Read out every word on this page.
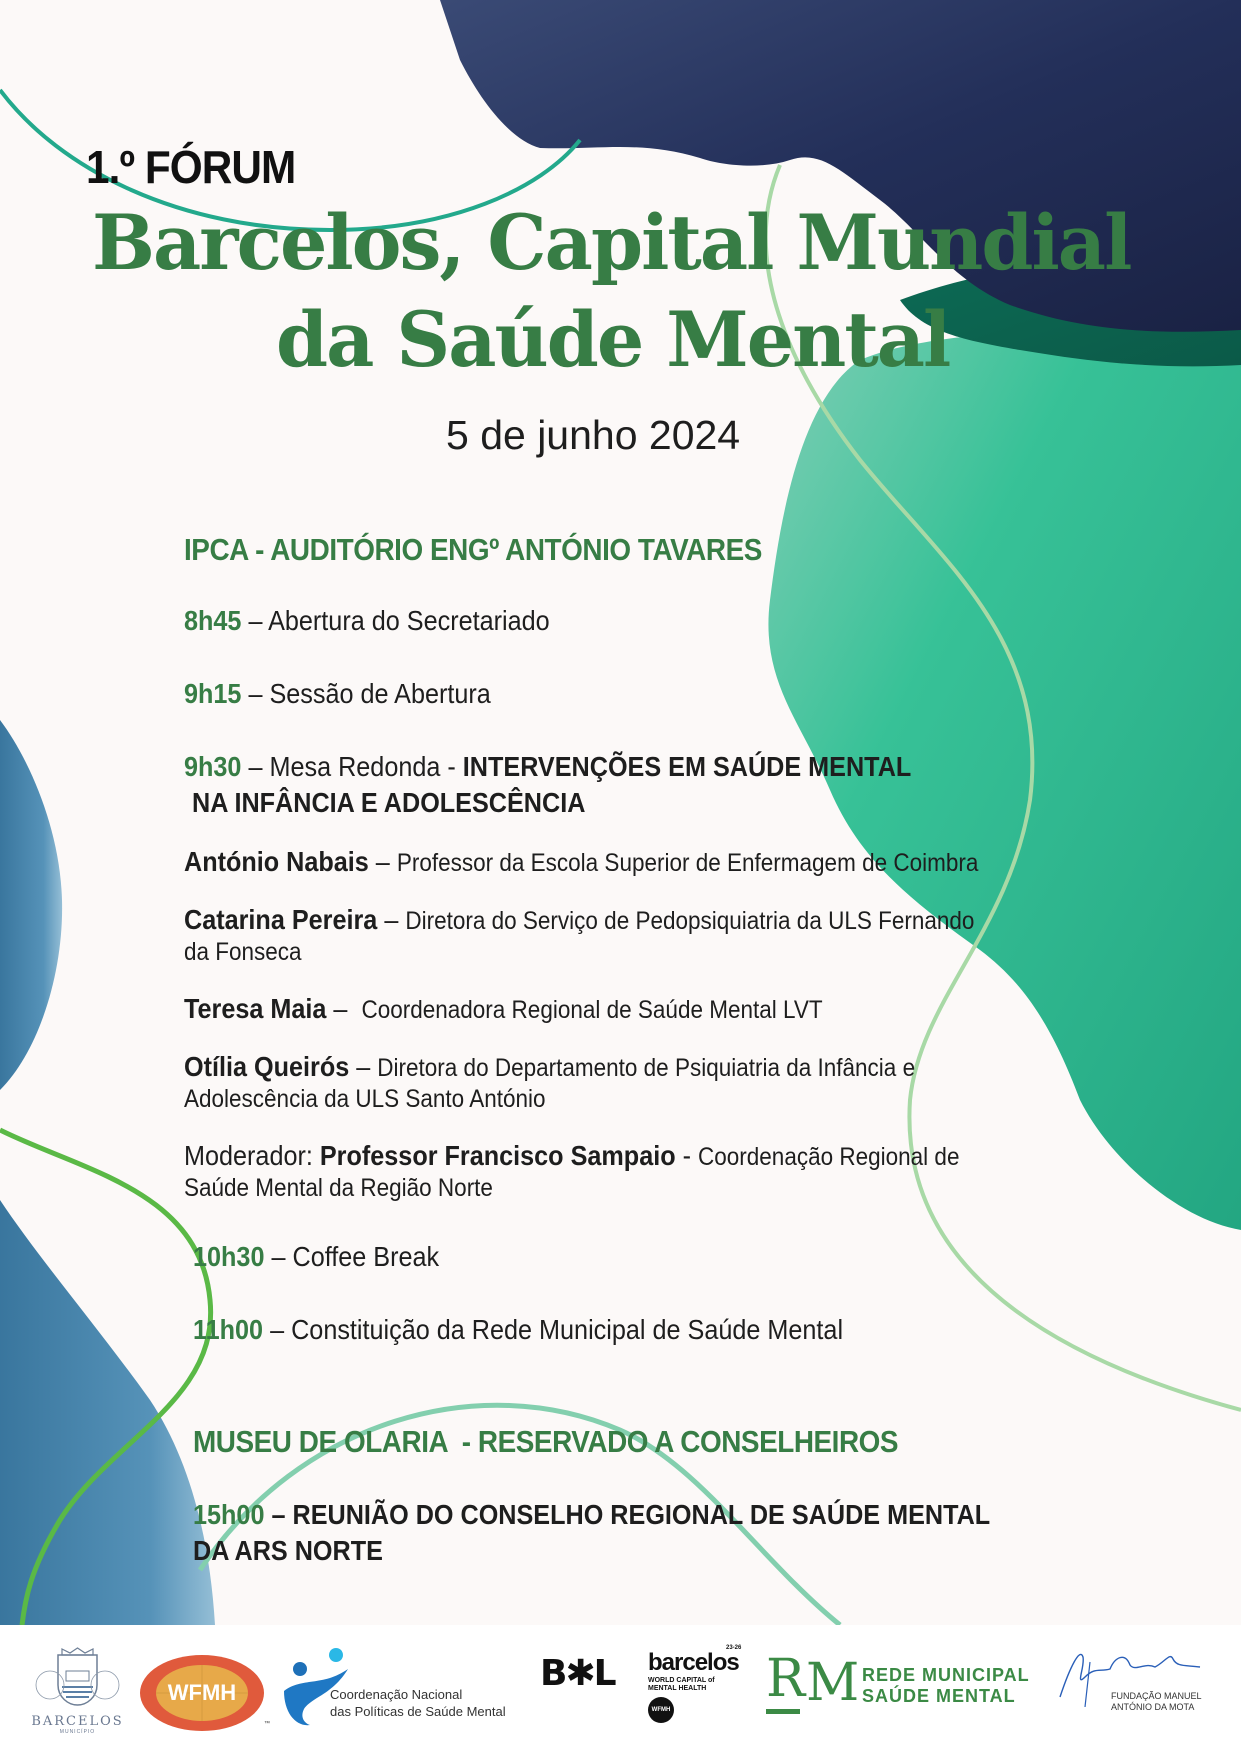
1.º FÓRUM
Barcelos, Capital Mundial
da Saúde Mental
5 de junho 2024
IPCA - AUDITÓRIO ENGº ANTÓNIO TAVARES
8h45 – Abertura do Secretariado
9h15 – Sessão de Abertura
9h30 – Mesa Redonda - INTERVENÇÕES EM SAÚDE MENTAL
NA INFÂNCIA E ADOLESCÊNCIA
António Nabais – Professor da Escola Superior de Enfermagem de Coimbra
Catarina Pereira – Diretora do Serviço de Pedopsiquiatria da ULS Fernando
da Fonseca
Teresa Maia –  Coordenadora Regional de Saúde Mental LVT
Otília Queirós – Diretora do Departamento de Psiquiatria da Infância e
Adolescência da ULS Santo António
Moderador: Professor Francisco Sampaio - Coordenação Regional de
Saúde Mental da Região Norte
10h30 – Coffee Break
11h00 – Constituição da Rede Municipal de Saúde Mental
MUSEU DE OLARIA  - RESERVADO A CONSELHEIROS
15h00 – REUNIÃO DO CONSELHO REGIONAL DE SAÚDE MENTAL
DA ARS NORTE
BARCELOS
MUNICÍPIO
WFMH
™
Coordenação Nacional
das Políticas de Saúde Mental
B✱L barcelos
23-26
WORLD CAPITAL of
MENTAL HEALTH
WFMH
R M REDE MUNICIPAL
SAÚDE MENTAL	FUNDAÇÃO MANUEL
ANTÓNIO DA MOTA
